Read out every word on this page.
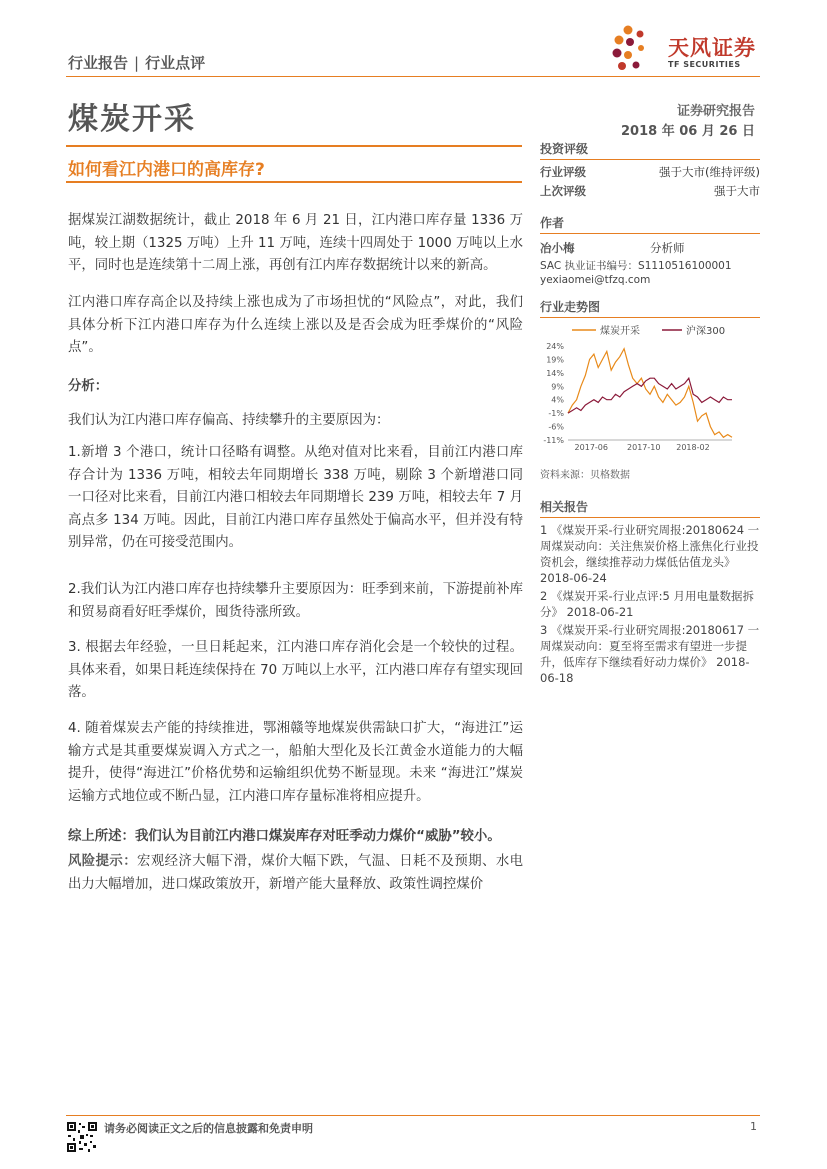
行业报告 | 行业点评
天风证券
TF SECURITIES
煤炭开采	证券研究报告
2018 年 06 月 26 日
如何看江内港口的高库存?

据煤炭江湖数据统计，截止 2018 年 6 月 21 日，江内港口库存量 1336 万吨，较上期（1325 万吨）上升 11 万吨，连续十四周处于 1000 万吨以上水平，同时也是连续第十二周上涨，再创有江内库存数据统计以来的新高。

江内港口库存高企以及持续上涨也成为了市场担忧的“风险点”，对此，我们具体分析下江内港口库存为什么连续上涨以及是否会成为旺季煤价的“风险点”。

分析：
我们认为江内港口库存偏高、持续攀升的主要原因为：
1.新增 3 个港口，统计口径略有调整。从绝对值对比来看，目前江内港口库存合计为 1336 万吨，相较去年同期增长 338 万吨，剔除 3 个新增港口同一口径对比来看，目前江内港口相较去年同期增长 239 万吨，相较去年 7 月高点多 134 万吨。因此，目前江内港口库存虽然处于偏高水平，但并没有特别异常，仍在可接受范围内。
2.我们认为江内港口库存也持续攀升主要原因为：旺季到来前，下游提前补库和贸易商看好旺季煤价，囤货待涨所致。
3. 根据去年经验，一旦日耗起来，江内港口库存消化会是一个较快的过程。具体来看，如果日耗连续保持在 70 万吨以上水平，江内港口库存有望实现回落。
4. 随着煤炭去产能的持续推进，鄂湘赣等地煤炭供需缺口扩大，“海进江”运输方式是其重要煤炭调入方式之一，船舶大型化及长江黄金水道能力的大幅提升，使得“海进江”价格优势和运输组织优势不断显现。未来 “海进江”煤炭运输方式地位或不断凸显，江内港口库存量标准将相应提升。
综上所述：我们认为目前江内港口煤炭库存对旺季动力煤价“威胁”较小。
风险提示：宏观经济大幅下滑，煤价大幅下跌，气温、日耗不及预期、水电出力大幅增加，进口煤政策放开，新增产能大量释放、政策性调控煤价
投资评级
行业评级	强于大市(维持评级)
上次评级	强于大市
作者
冶小梅	分析师
SAC 执业证书编号：S1110516100001
yexiaomei@tfzq.com
行业走势图
煤炭开采	沪深300
24%
19%
14%
9%
4%
-1%
-6%
-11%
2017-06 2017-10 2018-02
资料来源：贝格数据
相关报告
1 《煤炭开采-行业研究周报:20180624 一周煤炭动向：关注焦炭价格上涨焦化行业投资机会，继续推荐动力煤低估值龙头》 2018-06-24
2 《煤炭开采-行业点评:5 月用电量数据拆分》 2018-06-21
3 《煤炭开采-行业研究周报:20180617 一周煤炭动向：夏至将至需求有望进一步提升，低库存下继续看好动力煤价》 2018-06-18
请务必阅读正文之后的信息披露和免责申明	1
